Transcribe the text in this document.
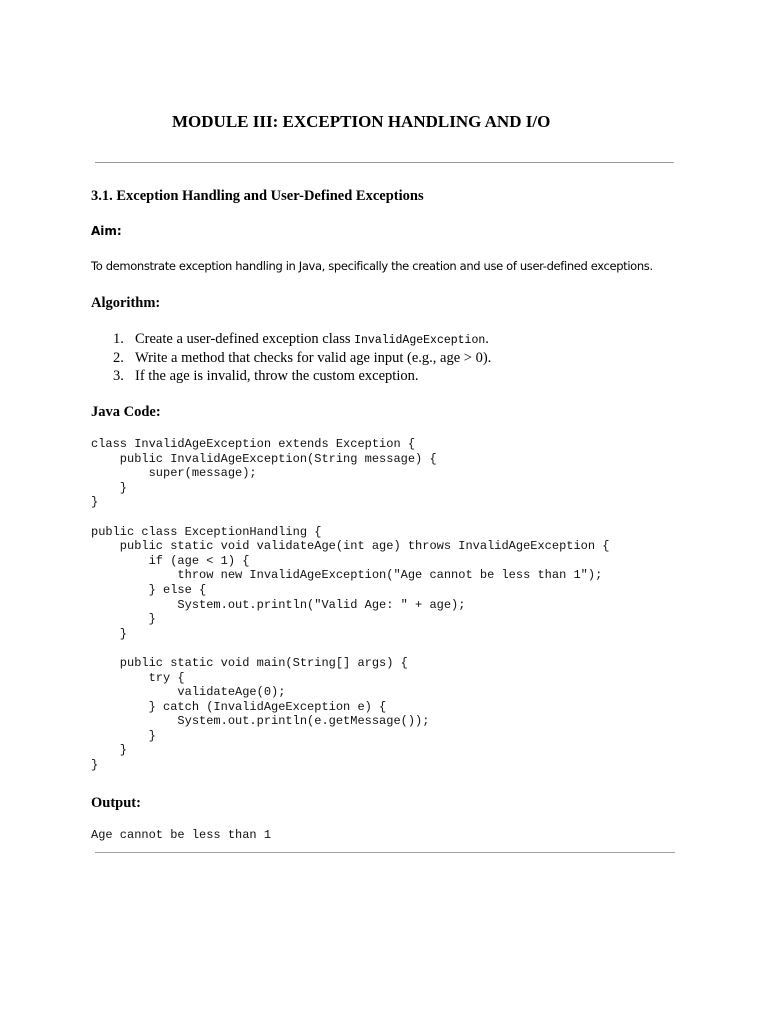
MODULE III: EXCEPTION HANDLING AND I/O
3.1. Exception Handling and User-Defined Exceptions
Aim:
To demonstrate exception handling in Java, specifically the creation and use of user-defined exceptions.
Algorithm:
1. Create a user-defined exception class InvalidAgeException.
2. Write a method that checks for valid age input (e.g., age > 0).
3. If the age is invalid, throw the custom exception.
Java Code:
class InvalidAgeException extends Exception {
public InvalidAgeException(String message) {
super(message);
}
}

public class ExceptionHandling {
public static void validateAge(int age) throws InvalidAgeException {
if (age < 1) {
throw new InvalidAgeException("Age cannot be less than 1");
} else {
System.out.println("Valid Age: " + age);
}
}

public static void main(String[] args) {
try {
validateAge(0);
} catch (InvalidAgeException e) {
System.out.println(e.getMessage());
}
}
}
Output:
Age cannot be less than 1
